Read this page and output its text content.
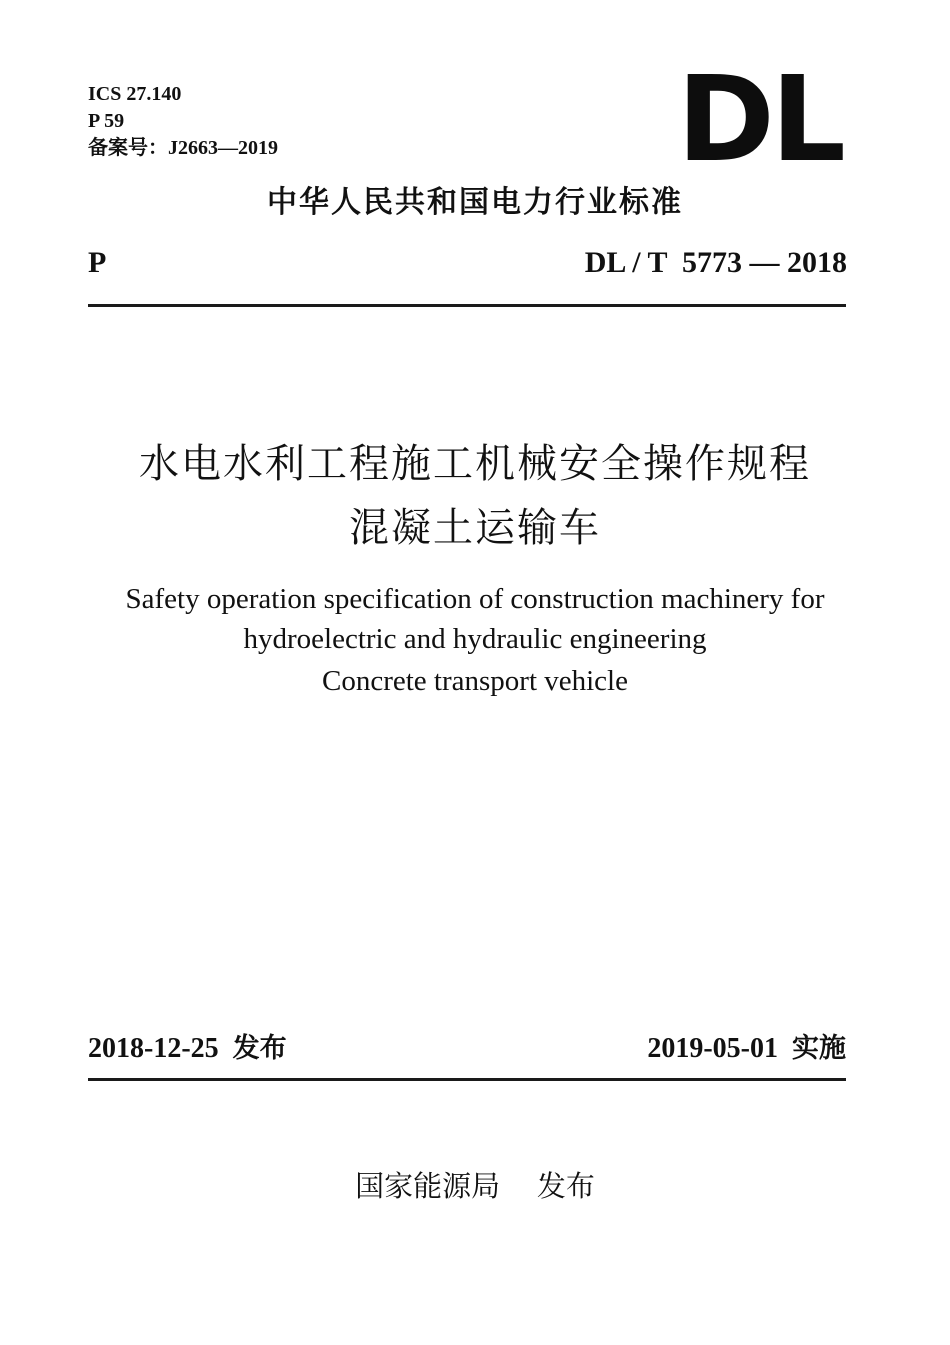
ICS 27.140
P 59
备案号：J2663—2019	DL
中华人民共和国电力行业标准
P	DL / T  5773 — 2018
水电水利工程施工机械安全操作规程
混凝土运输车
Safety operation specification of construction machinery for
hydroelectric and hydraulic engineering
Concrete transport vehicle
2018-12-25 发布	2019-05-01 实施
国家能源局    发布
